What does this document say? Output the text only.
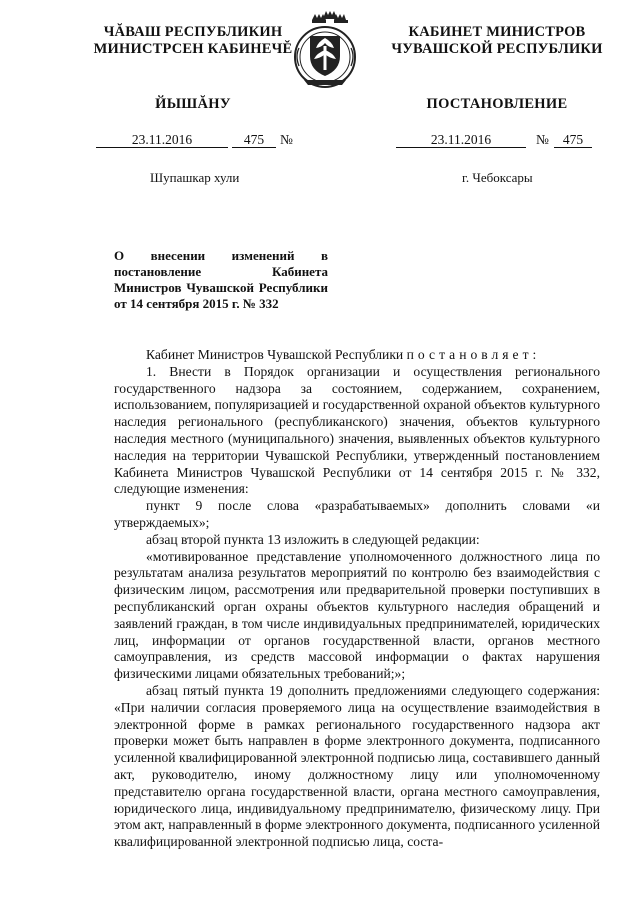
ЧĂВАШ РЕСПУБЛИКИН
МИНИСТРСЕН КАБИНЕЧĔ
КАБИНЕТ МИНИСТРОВ
ЧУВАШСКОЙ РЕСПУБЛИКИ
ЙЫШĂНУ	ПОСТАНОВЛЕНИЕ
23.11.2016	475	№	23.11.2016	№	475
Шупашкар хули	г. Чебоксары
О внесении изменений в постановление Кабинета Министров Чувашской Республики от 14 сентября 2015 г. № 332

Кабинет Министров Чувашской Республики постановляет:

1. Внести в Порядок организации и осуществления регионального государственного надзора за состоянием, содержанием, сохранением, использованием, популяризацией и государственной охраной объектов культурного наследия регионального (республиканского) значения, объектов культурного наследия местного (муниципального) значения, выявленных объектов культурного наследия на территории Чувашской Республики, утвержденный постановлением Кабинета Министров Чувашской Республики от 14 сентября 2015 г. № 332, следующие изменения:

пункт 9 после слова «разрабатываемых» дополнить словами «и утверждаемых»;

абзац второй пункта 13 изложить в следующей редакции:

«мотивированное представление уполномоченного должностного лица по результатам анализа результатов мероприятий по контролю без взаимодействия с физическим лицом, рассмотрения или предварительной проверки поступивших в республиканский орган охраны объектов культурного наследия обращений и заявлений граждан, в том числе индивидуальных предпринимателей, юридических лиц, информации от органов государственной власти, органов местного самоуправления, из средств массовой информации о фактах нарушения физическими лицами обязательных требований;»;

абзац пятый пункта 19 дополнить предложениями следующего содержания: «При наличии согласия проверяемого лица на осуществление взаимодействия в электронной форме в рамках регионального государственного надзора акт проверки может быть направлен в форме электронного документа, подписанного усиленной квалифицированной электронной подписью лица, составившего данный акт, руководителю, иному должностному лицу или уполномоченному представителю органа государственной власти, органа местного самоуправления, юридического лица, индивидуальному предпринимателю, физическому лицу. При этом акт, направленный в форме электронного документа, подписанного усиленной квалифицированной электронной подписью лица, соста-
